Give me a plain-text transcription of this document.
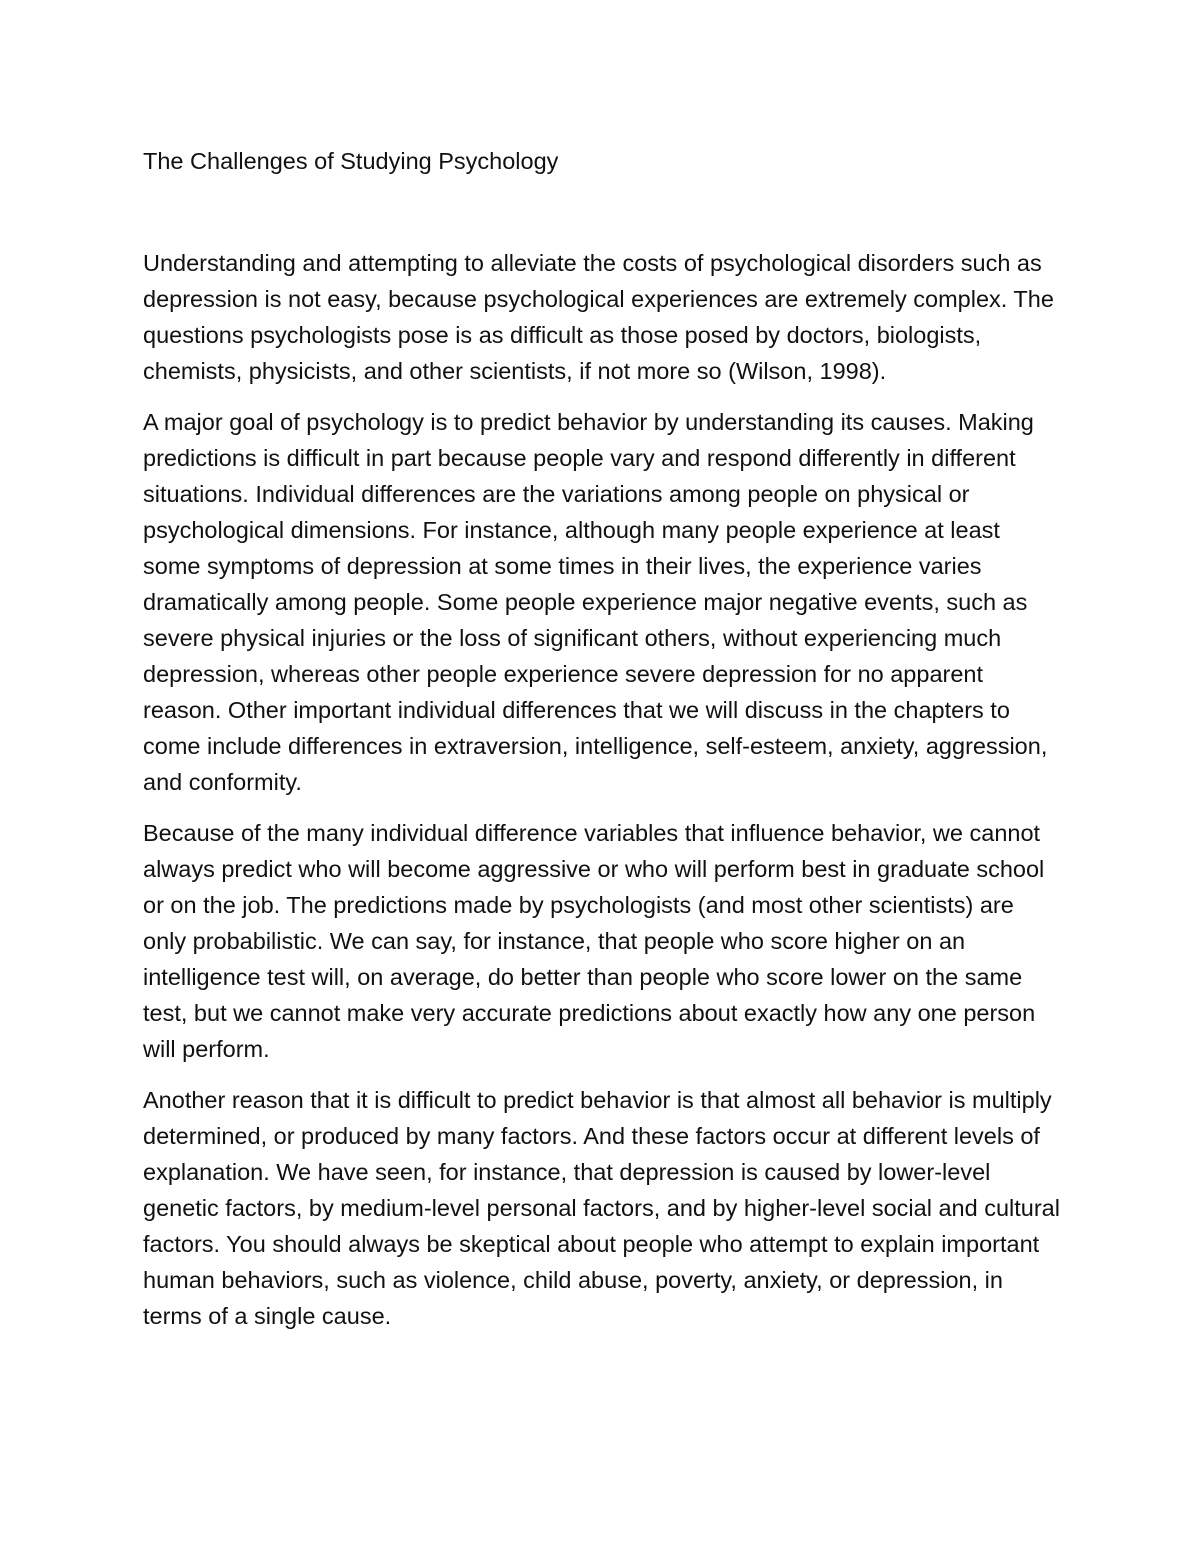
The Challenges of Studying Psychology

Understanding and attempting to alleviate the costs of psychological disorders such as depression is not easy, because psychological experiences are extremely complex. The questions psychologists pose is as difficult as those posed by doctors, biologists, chemists, physicists, and other scientists, if not more so (Wilson, 1998).

A major goal of psychology is to predict behavior by understanding its causes. Making predictions is difficult in part because people vary and respond differently in different situations. Individual differences are the variations among people on physical or psychological dimensions. For instance, although many people experience at least some symptoms of depression at some times in their lives, the experience varies dramatically among people. Some people experience major negative events, such as severe physical injuries or the loss of significant others, without experiencing much depression, whereas other people experience severe depression for no apparent reason. Other important individual differences that we will discuss in the chapters to come include differences in extraversion, intelligence, self-esteem, anxiety, aggression, and conformity.

Because of the many individual difference variables that influence behavior, we cannot always predict who will become aggressive or who will perform best in graduate school or on the job. The predictions made by psychologists (and most other scientists) are only probabilistic. We can say, for instance, that people who score higher on an intelligence test will, on average, do better than people who score lower on the same test, but we cannot make very accurate predictions about exactly how any one person will perform.

Another reason that it is difficult to predict behavior is that almost all behavior is multiply determined, or produced by many factors. And these factors occur at different levels of explanation. We have seen, for instance, that depression is caused by lower-level genetic factors, by medium-level personal factors, and by higher-level social and cultural factors. You should always be skeptical about people who attempt to explain important human behaviors, such as violence, child abuse, poverty, anxiety, or depression, in terms of a single cause.
